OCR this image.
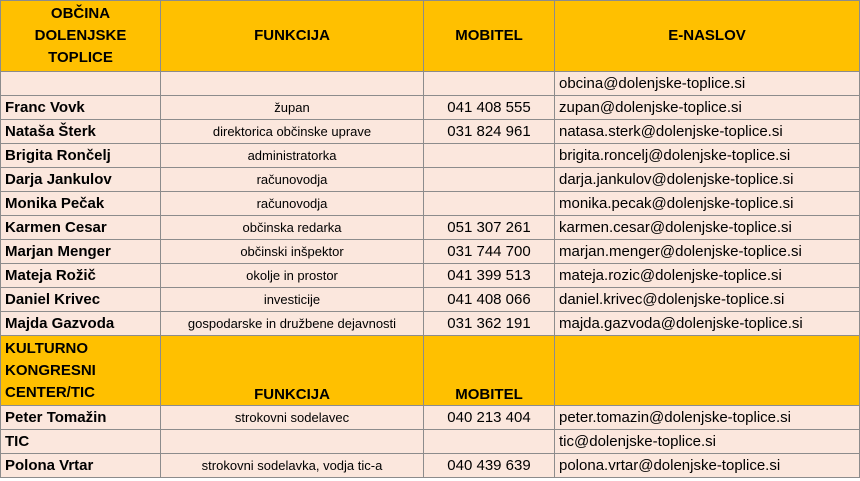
OBČINA DOLENJSKE TOPLICE	FUNKCIJA	MOBITEL	E-NASLOV
			obcina@dolenjske-toplice.si
Franc Vovk	župan	041 408 555	zupan@dolenjske-toplice.si
Nataša Šterk	direktorica občinske uprave	031 824 961	natasa.sterk@dolenjske-toplice.si
Brigita Rončelj	administratorka		brigita.roncelj@dolenjske-toplice.si
Darja Jankulov	računovodja		darja.jankulov@dolenjske-toplice.si
Monika Pečak	računovodja		monika.pecak@dolenjske-toplice.si
Karmen Cesar	občinska redarka	051 307 261	karmen.cesar@dolenjske-toplice.si
Marjan Menger	občinski inšpektor	031 744 700	marjan.menger@dolenjske-toplice.si
Mateja Rožič	okolje in prostor	041 399 513	mateja.rozic@dolenjske-toplice.si
Daniel Krivec	investicije	041 408 066	daniel.krivec@dolenjske-toplice.si
Majda Gazvoda	gospodarske in družbene dejavnosti	031 362 191	majda.gazvoda@dolenjske-toplice.si
KULTURNO KONGRESNI CENTER/TIC	FUNKCIJA	MOBITEL	
Peter Tomažin	strokovni sodelavec	040 213 404	peter.tomazin@dolenjske-toplice.si
TIC			tic@dolenjske-toplice.si
Polona Vrtar	strokovni sodelavka, vodja tic-a	040 439 639	polona.vrtar@dolenjske-toplice.si
